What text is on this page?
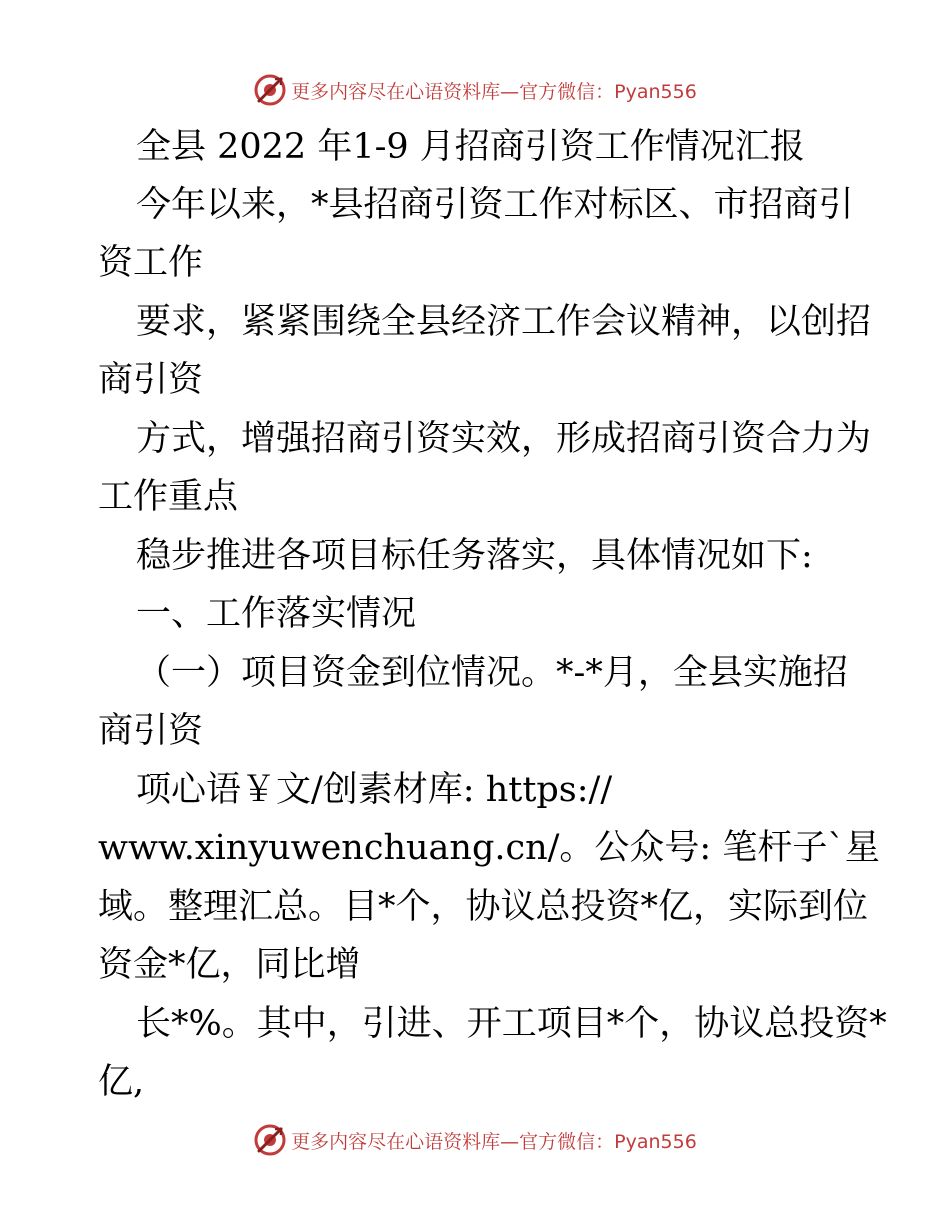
更多内容尽在心语资料库—官方微信：Pyan556
全县 2022 年1-9 月招商引资工作情况汇报
今年以来，*县招商引资工作对标区、市招商引
资工作
要求，紧紧围绕全县经济工作会议精神，以创招
商引资
方式，增强招商引资实效，形成招商引资合力为
工作重点
稳步推进各项目标任务落实，具体情况如下:
一、工作落实情况
（一）项目资金到位情况。*-*月，全县实施招
商引资
项心语￥文/创素材库: https://
www.xinyuwenchuang.cn/。公众号: 笔杆子`星
域。整理汇总。目*个，协议总投资*亿，实际到位
资金*亿，同比增
长*%。其中，引进、开工项目*个，协议总投资*
亿,
更多内容尽在心语资料库—官方微信：Pyan556
